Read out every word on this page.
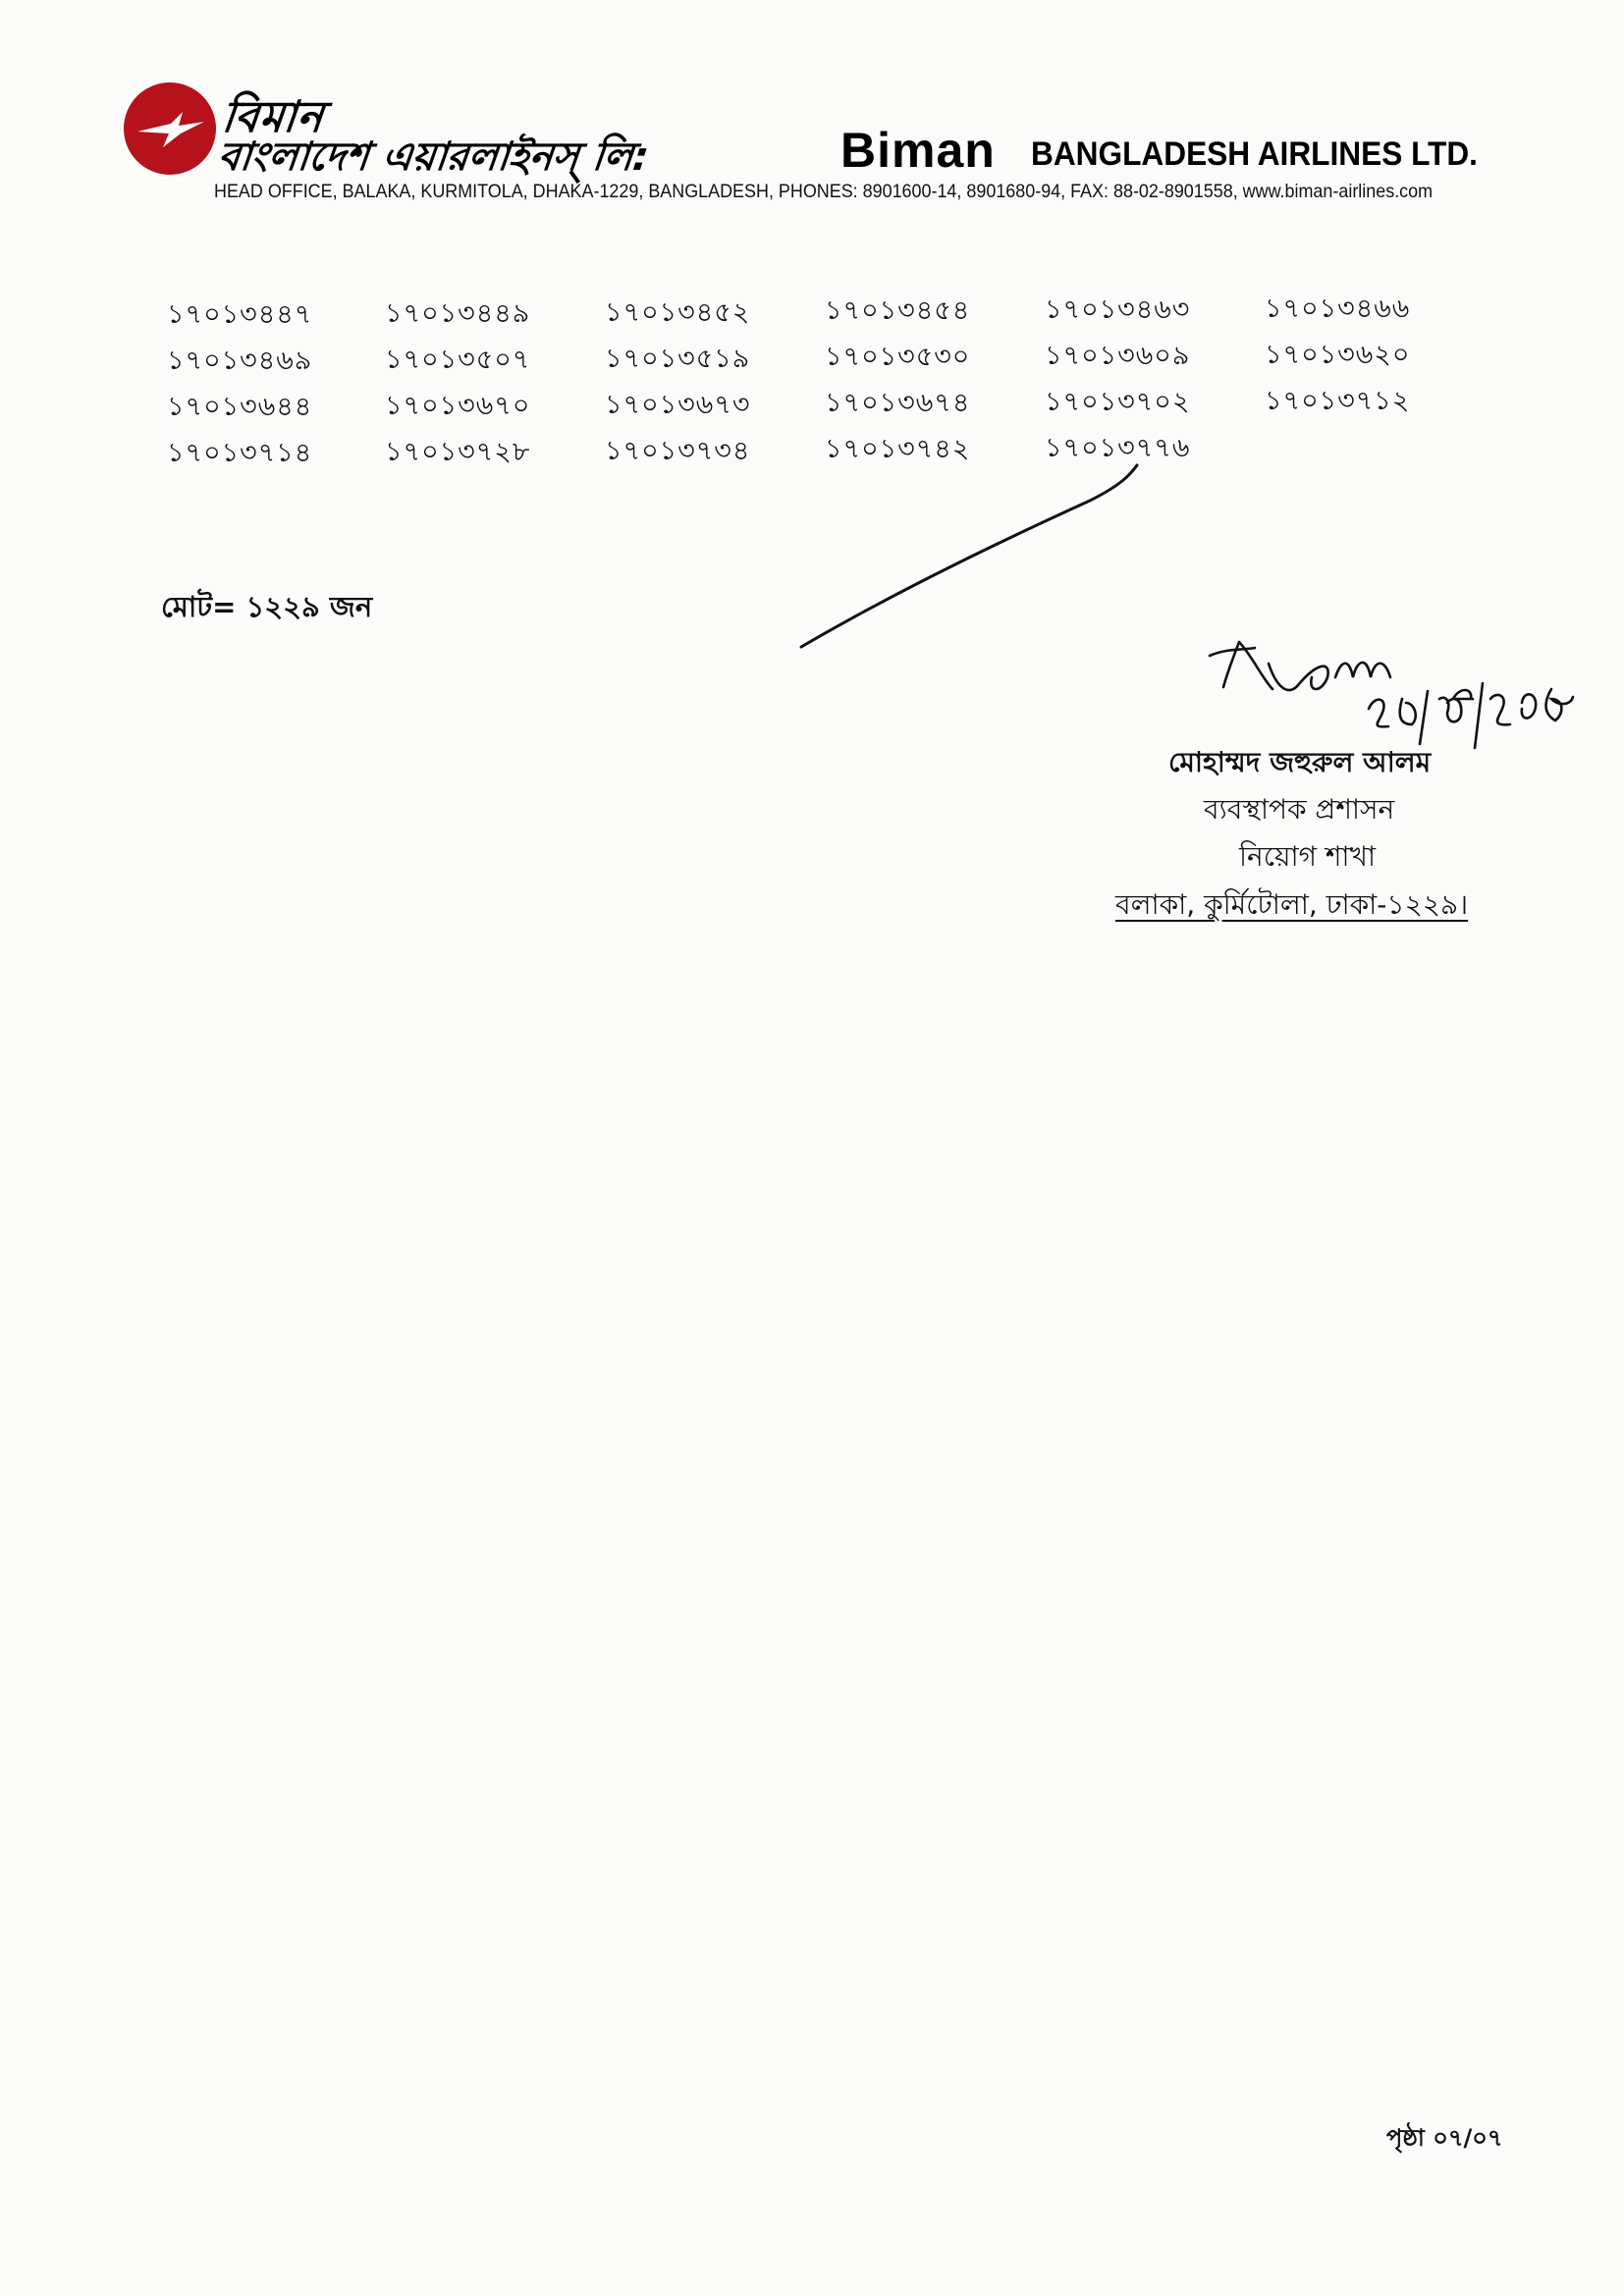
বিমান
বাংলাদেশ এয়ারলাইনস্ লি:	Biman BANGLADESH AIRLINES LTD.
HEAD OFFICE, BALAKA, KURMITOLA, DHAKA-1229, BANGLADESH, PHONES: 8901600-14, 8901680-94, FAX: 88-02-8901558, www.biman-airlines.com
১৭০১৩৪৪৭	১৭০১৩৪৪৯	১৭০১৩৪৫২	১৭০১৩৪৫৪	১৭০১৩৪৬৩	১৭০১৩৪৬৬
১৭০১৩৪৬৯	১৭০১৩৫০৭	১৭০১৩৫১৯	১৭০১৩৫৩০	১৭০১৩৬০৯	১৭০১৩৬২০
১৭০১৩৬৪৪	১৭০১৩৬৭০	১৭০১৩৬৭৩	১৭০১৩৬৭৪	১৭০১৩৭০২	১৭০১৩৭১২
১৭০১৩৭১৪	১৭০১৩৭২৮	১৭০১৩৭৩৪	১৭০১৩৭৪২	১৭০১৩৭৭৬
মোট= ১২২৯ জন
মোহাম্মদ জহুরুল আলম
ব্যবস্থাপক প্রশাসন
নিয়োগ শাখা
বলাকা, কুর্মিটোলা, ঢাকা-১২২৯।
পৃষ্ঠা ০৭/০৭
